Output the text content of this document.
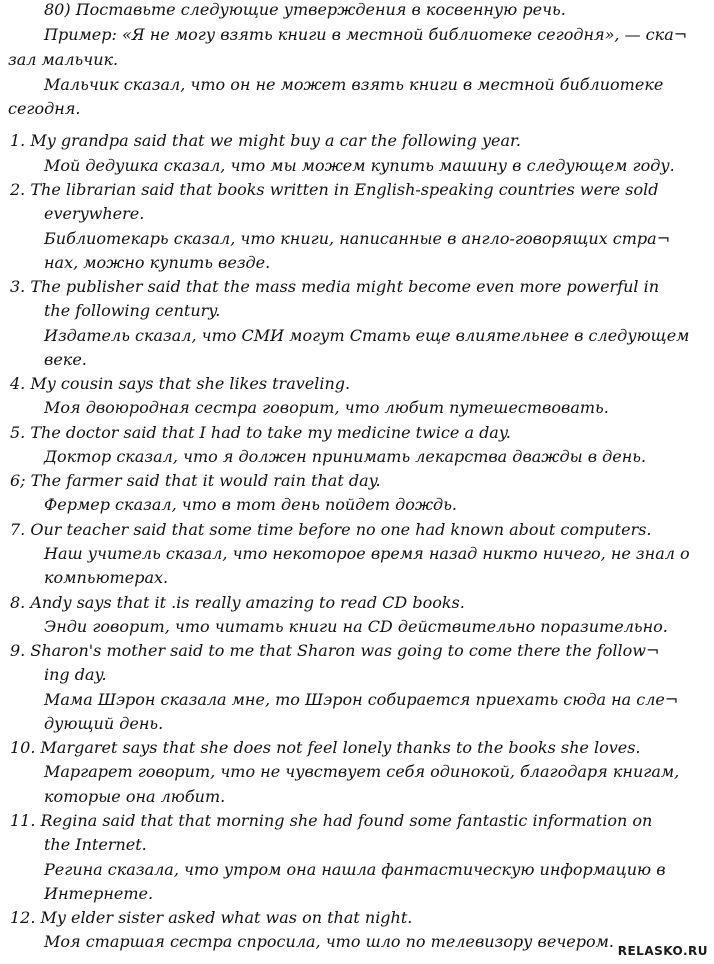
80) Поставьте следующие утверждения в косвенную речь.
Пример: «Я не могу взять книги в местной библиотеке сегодня», — ска¬
зал мальчик.
Мальчик сказал, что он не может взять книги в местной библиотеке
сегодня.
1. My grandpa said that we might buy a car the following year.
Мой дедушка сказал, что мы можем купить машину в следующем году.
2. The librarian said that books written in English-speaking countries were sold
everywhere.
Библиотекарь сказал, что книги, написанные в англо-говорящих стра¬
нах, можно купить везде.
3. The publisher said that the mass media might become even more powerful in
the following century.
Издатель сказал, что СМИ могут Стать еще влиятельнее в следующем
веке.
4. My cousin says that she likes traveling.
Моя двоюродная сестра говорит, что любит путешествовать.
5. The doctor said that I had to take my medicine twice a day.
Доктор сказал, что я должен принимать лекарства дважды в день.
6; The farmer said that it would rain that day.
Фермер сказал, что в тот день пойдет дождь.
7. Our teacher said that some time before no one had known about computers.
Наш учитель сказал, что некоторое время назад никто ничего, не знал о
компьютерах.
8. Andy says that it .is really amazing to read CD books.
Энди говорит, что читать книги на CD действительно поразительно.
9. Sharon's mother said to me that Sharon was going to come there the follow¬
ing day.
Мама Шэрон сказала мне, то Шэрон собирается приехать сюда на сле¬
дующий день.
10. Margaret says that she does not feel lonely thanks to the books she loves.
Маргарет говорит, что не чувствует себя одинокой, благодаря книгам,
которые она любит.
11. Regina said that that morning she had found some fantastic information on
the Internet.
Регина сказала, что утром она нашла фантастическую информацию в
Интернете.
12. My elder sister asked what was on that night.
Моя старшая сестра спросила, что шло по телевизору вечером. RELASKO.RU
